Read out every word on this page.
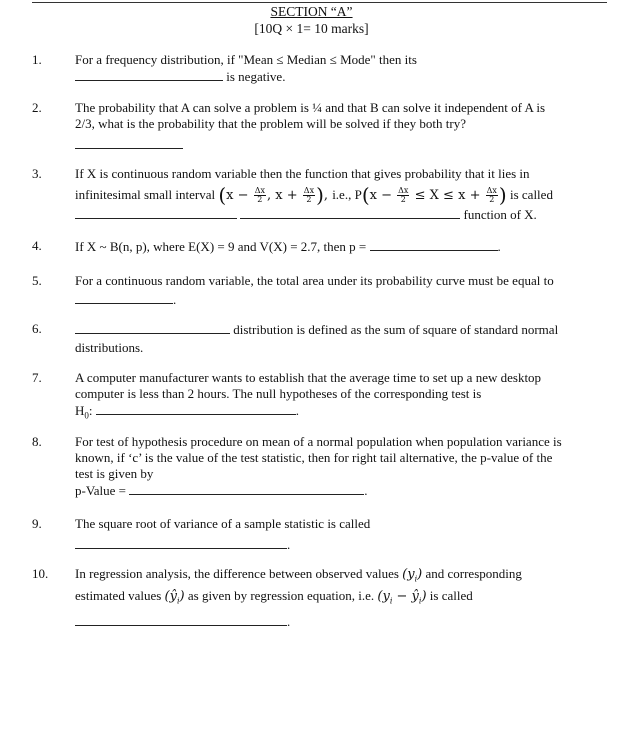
SECTION “A”
[10Q × 1= 10 marks]
1.	For a frequency distribution, if "Mean ≤ Median ≤ Mode" then its
is negative.
2.	The probability that A can solve a problem is ¼ and that B can solve it independent of A is
2/3, what is the probability that the problem will be solved if they both try?
3.	If X is continuous random variable then the function that gives probability that it lies in
infinitesimal small interval ($x - \frac{\Delta x}{2}$ , $x + \frac{\Delta x}{2}$ ), i.e., $P(x - \frac{\Delta x}{2} \le X \le x + \frac{\Delta x}{2}$ ) is called
function of X.
4.	If X ~ B(n, p), where E(X) = 9 and V(X) = 2.7, then p =	.
5.	For a continuous random variable, the total area under its probability curve must be equal to
.
6.	distribution is defined as the sum of square of standard normal
distributions.
7.	A computer manufacturer wants to establish that the average time to set up a new desktop
computer is less than 2 hours. The null hypotheses of the corresponding test is
$H_0$:	.
8.	For test of hypothesis procedure on mean of a normal population when population variance is
known, if ‘c’ is the value of the test statistic, then for right tail alternative, the p-value of the
test is given by
p-Value =	.
9.	The square root of variance of a sample statistic is called
.
10. In regression analysis, the difference between observed values $(y_i)$ and corresponding
estimated values $(ŷ_i)$ as given by regression equation, i.e. ($y_i$ − $ŷ_i$) is called
.
